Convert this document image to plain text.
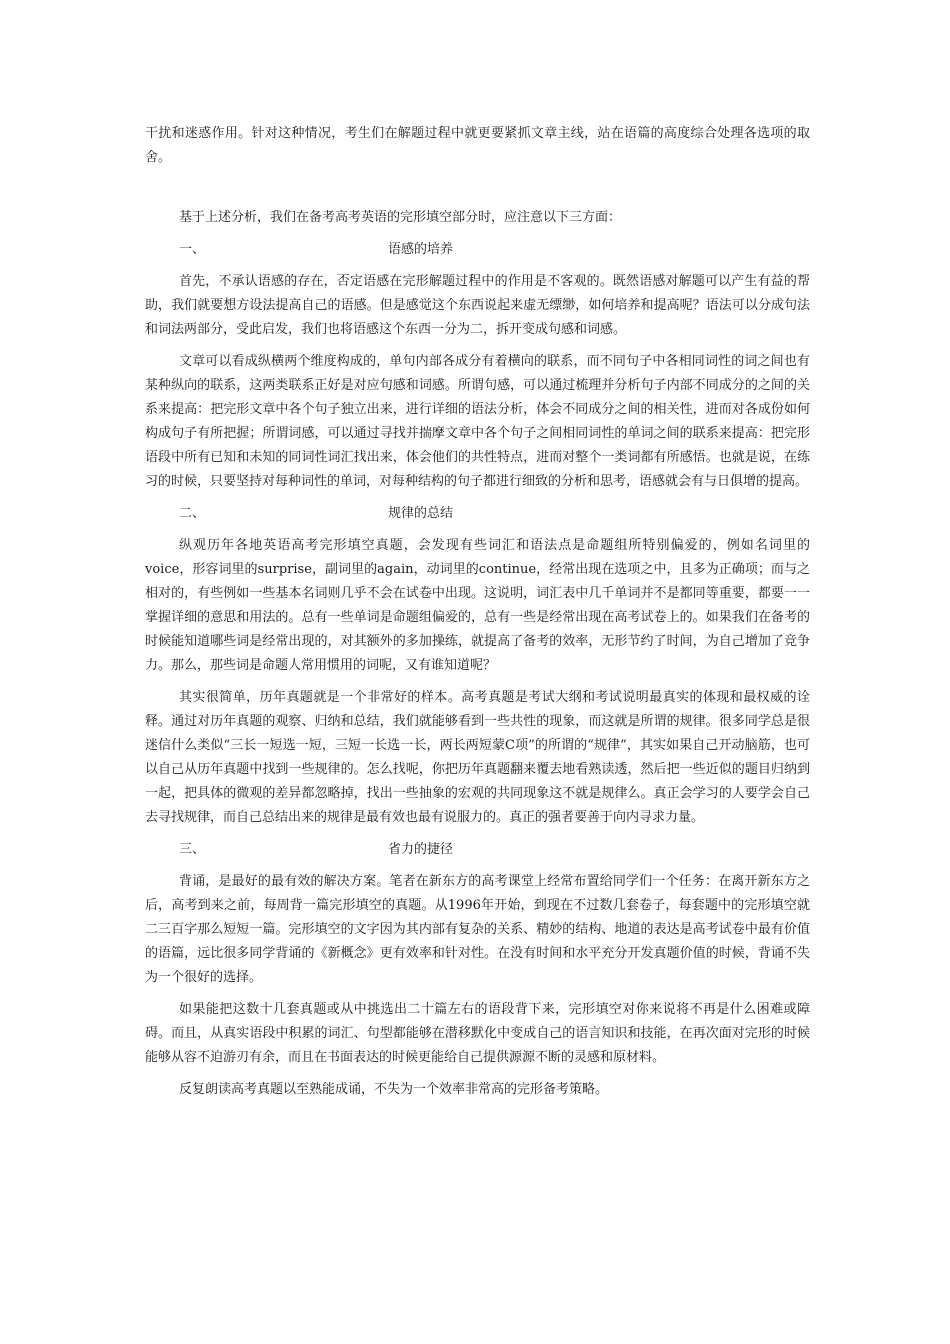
干扰和迷惑作用。针对这种情况，考生们在解题过程中就更要紧抓文章主线，站在语篇的高度综合处理各选项的取舍。

基于上述分析，我们在备考高考英语的完形填空部分时，应注意以下三方面：

一、	语感的培养

首先，不承认语感的存在，否定语感在完形解题过程中的作用是不客观的。既然语感对解题可以产生有益的帮助，我们就要想方设法提高自己的语感。但是感觉这个东西说起来虚无缥缈，如何培养和提高呢？语法可以分成句法和词法两部分，受此启发，我们也将语感这个东西一分为二，拆开变成句感和词感。

文章可以看成纵横两个维度构成的，单句内部各成分有着横向的联系，而不同句子中各相同词性的词之间也有某种纵向的联系，这两类联系正好是对应句感和词感。所谓句感，可以通过梳理并分析句子内部不同成分的之间的关系来提高：把完形文章中各个句子独立出来，进行详细的语法分析，体会不同成分之间的相关性，进而对各成份如何构成句子有所把握；所谓词感，可以通过寻找并揣摩文章中各个句子之间相同词性的单词之间的联系来提高：把完形语段中所有已知和未知的同词性词汇找出来，体会他们的共性特点，进而对整个一类词都有所感悟。也就是说，在练习的时候，只要坚持对每种词性的单词，对每种结构的句子都进行细致的分析和思考，语感就会有与日俱增的提高。

二、	规律的总结

纵观历年各地英语高考完形填空真题，会发现有些词汇和语法点是命题组所特别偏爱的，例如名词里的voice，形容词里的surprise，副词里的again，动词里的continue，经常出现在选项之中，且多为正确项；而与之相对的，有些例如一些基本名词则几乎不会在试卷中出现。这说明，词汇表中几千单词并不是都同等重要，都要一一掌握详细的意思和用法的。总有一些单词是命题组偏爱的，总有一些是经常出现在高考试卷上的。如果我们在备考的时候能知道哪些词是经常出现的，对其额外的多加操练，就提高了备考的效率，无形节约了时间，为自己增加了竞争力。那么，那些词是命题人常用惯用的词呢，又有谁知道呢？

其实很简单，历年真题就是一个非常好的样本。高考真题是考试大纲和考试说明最真实的体现和最权威的诠释。通过对历年真题的观察、归纳和总结，我们就能够看到一些共性的现象，而这就是所谓的规律。很多同学总是很迷信什么类似“三长一短选一短，三短一长选一长，两长两短蒙C项”的所谓的“规律”，其实如果自己开动脑筋，也可以自己从历年真题中找到一些规律的。怎么找呢，你把历年真题翻来覆去地看熟读透，然后把一些近似的题目归纳到一起，把具体的微观的差异都忽略掉，找出一些抽象的宏观的共同现象这不就是规律么。真正会学习的人要学会自己去寻找规律，而自己总结出来的规律是最有效也最有说服力的。真正的强者要善于向内寻求力量。

三、	省力的捷径

背诵，是最好的最有效的解决方案。笔者在新东方的高考课堂上经常布置给同学们一个任务：在离开新东方之后，高考到来之前，每周背一篇完形填空的真题。从1996年开始，到现在不过数几套卷子，每套题中的完形填空就二三百字那么短短一篇。完形填空的文字因为其内部有复杂的关系、精妙的结构、地道的表达是高考试卷中最有价值的语篇，远比很多同学背诵的《新概念》更有效率和针对性。在没有时间和水平充分开发真题价值的时候，背诵不失为一个很好的选择。

如果能把这数十几套真题或从中挑选出二十篇左右的语段背下来，完形填空对你来说将不再是什么困难或障碍。而且，从真实语段中积累的词汇、句型都能够在潜移默化中变成自己的语言知识和技能，在再次面对完形的时候能够从容不迫游刃有余，而且在书面表达的时候更能给自己提供源源不断的灵感和原材料。

反复朗读高考真题以至熟能成诵，不失为一个效率非常高的完形备考策略。
